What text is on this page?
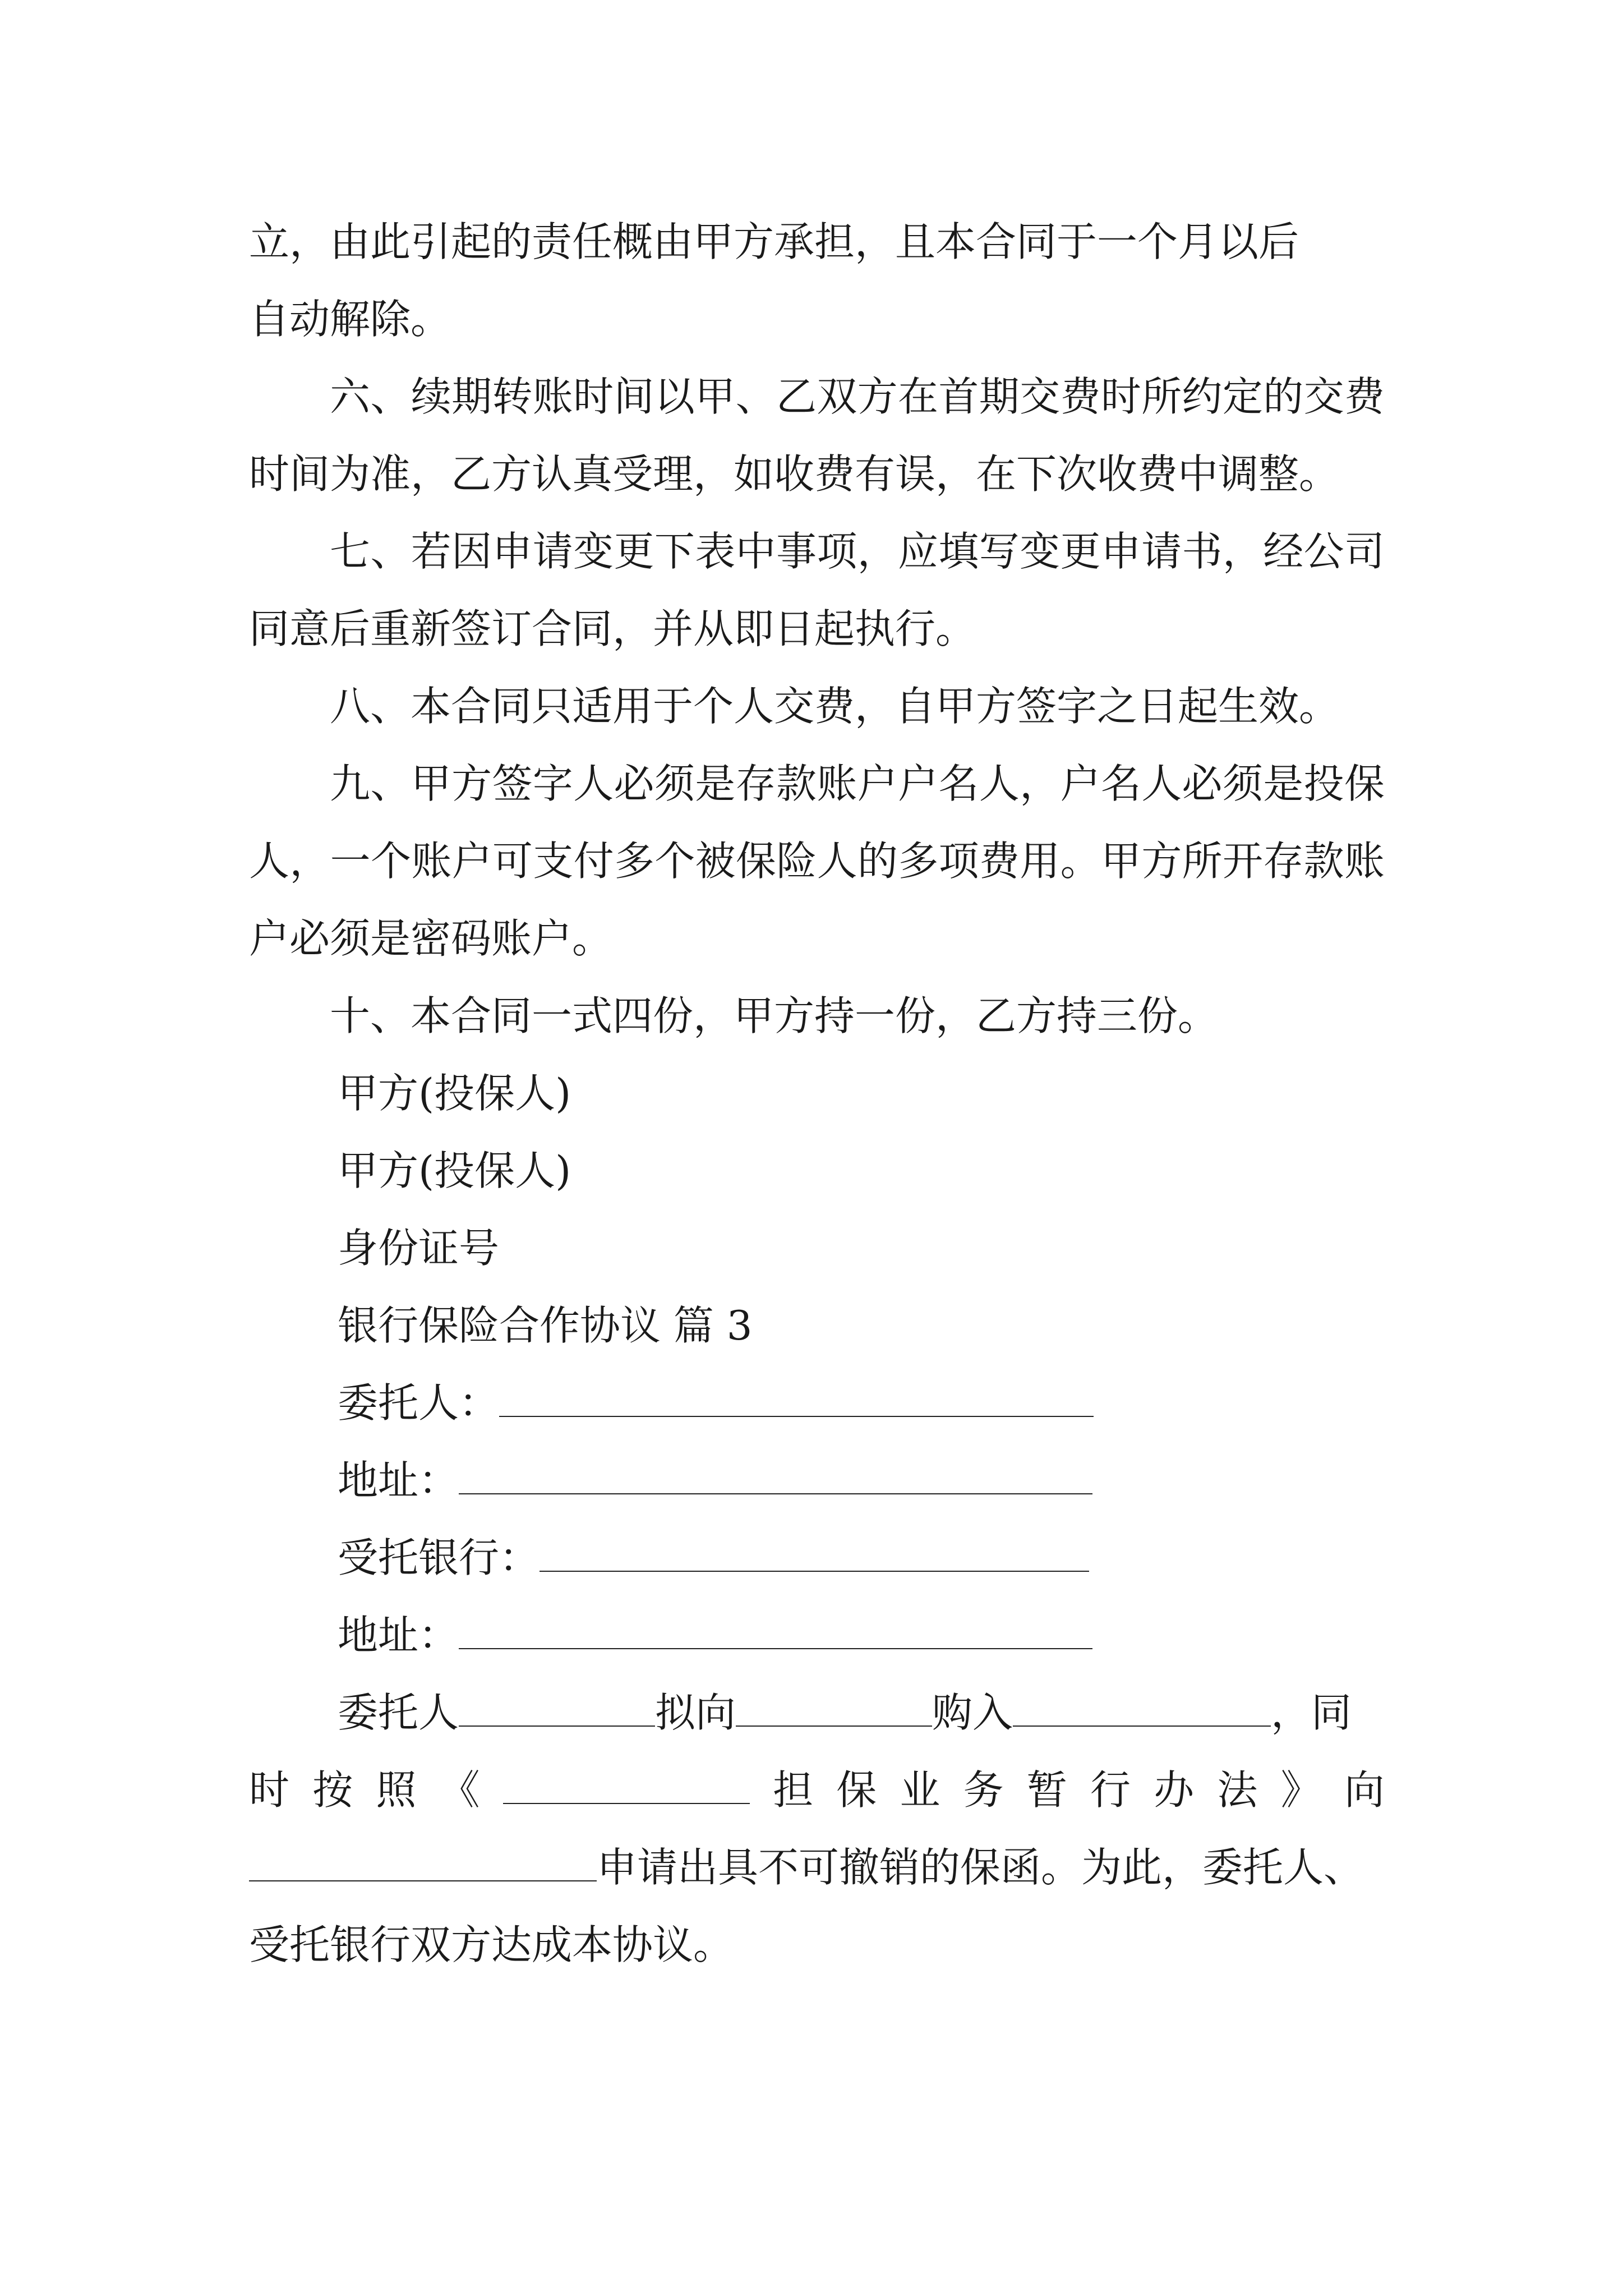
立，由此引起的责任概由甲方承担，且本合同于一个月以后
自动解除。

六、续期转账时间以甲、乙双方在首期交费时所约定的交费时间为准，乙方认真受理，如收费有误，在下次收费中调整。

七、若因申请变更下表中事项，应填写变更申请书，经公司同意后重新签订合同，并从即日起执行。

八、本合同只适用于个人交费，自甲方签字之日起生效。

九、甲方签字人必须是存款账户户名人，户名人必须是投保人，一个账户可支付多个被保险人的多项费用。甲方所开存款账户必须是密码账户。

十、本合同一式四份，甲方持一份，乙方持三份。

甲方(投保人)

甲方(投保人)

身份证号

银行保险合作协议 篇 3

委托人：
地址：
受托银行：
地址：
委托人	拟向	购入	，同
时 按 照 《	担 保 业 务 暂 行 办 法 》 向

申请出具不可撤销的保函。为此，委托人、

受托银行双方达成本协议。
